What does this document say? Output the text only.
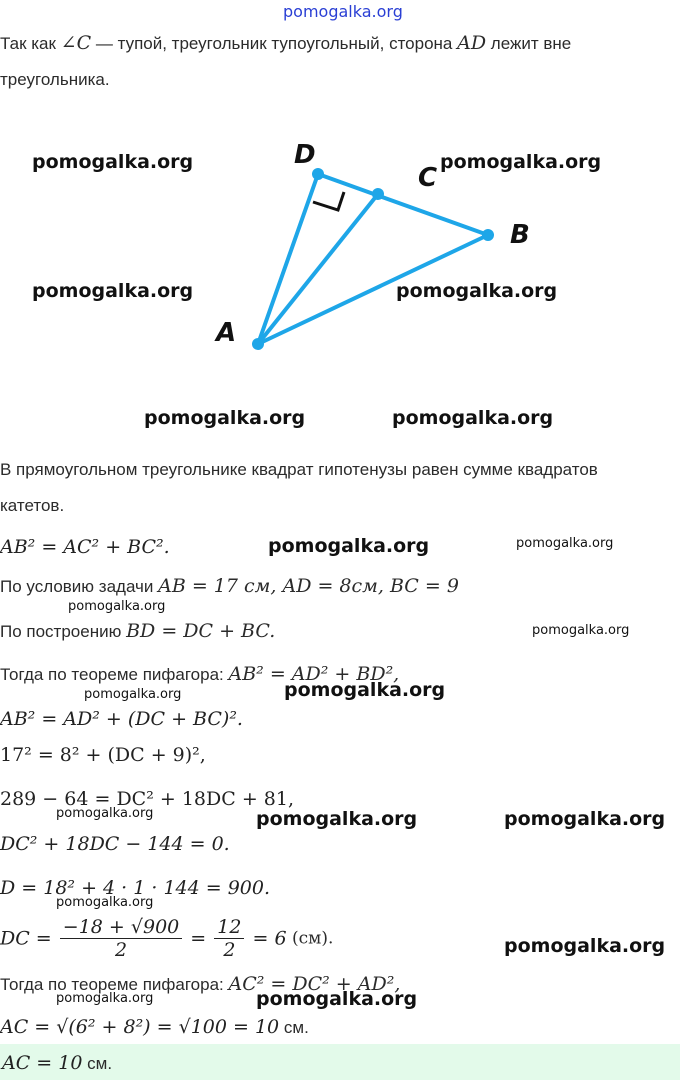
pomogalka.org
Так как ∠C — тупой, треугольник тупоугольный, сторона AD лежит вне
треугольника.
D
C
B
A
pomogalka.org	pomogalka.org
pomogalka.org	pomogalka.org
pomogalka.org	pomogalka.org
В прямоугольном треугольнике квадрат гипотенузы равен сумме квадратов
катетов.
AB² = AC² + BC².	pomogalka.org	pomogalka.org
По условию задачи AB = 17 см, AD = 8см, BC = 9
pomogalka.org
По построению BD = DC + BC.	pomogalka.org
Тогда по теореме пифагора: AB² = AD² + BD²,
pomogalka.org	pomogalka.org
AB² = AD² + (DC + BC)².
17² = 8² + (DC + 9)²,
289 − 64 = DC² + 18DC + 81,
pomogalka.org	pomogalka.org	pomogalka.org
DC² + 18DC − 144 = 0.
D = 18² + 4 · 1 · 144 = 900.
pomogalka.org
DC = $\frac{-18 + √900}{2} = \frac{12}{2} = 6$ (см).	pomogalka.org
Тогда по теореме пифагора: AC² = DC² + AD²,
pomogalka.org	pomogalka.org
AC = √(6² + 8²) = √100 = 10 см.
AC = 10 см.
